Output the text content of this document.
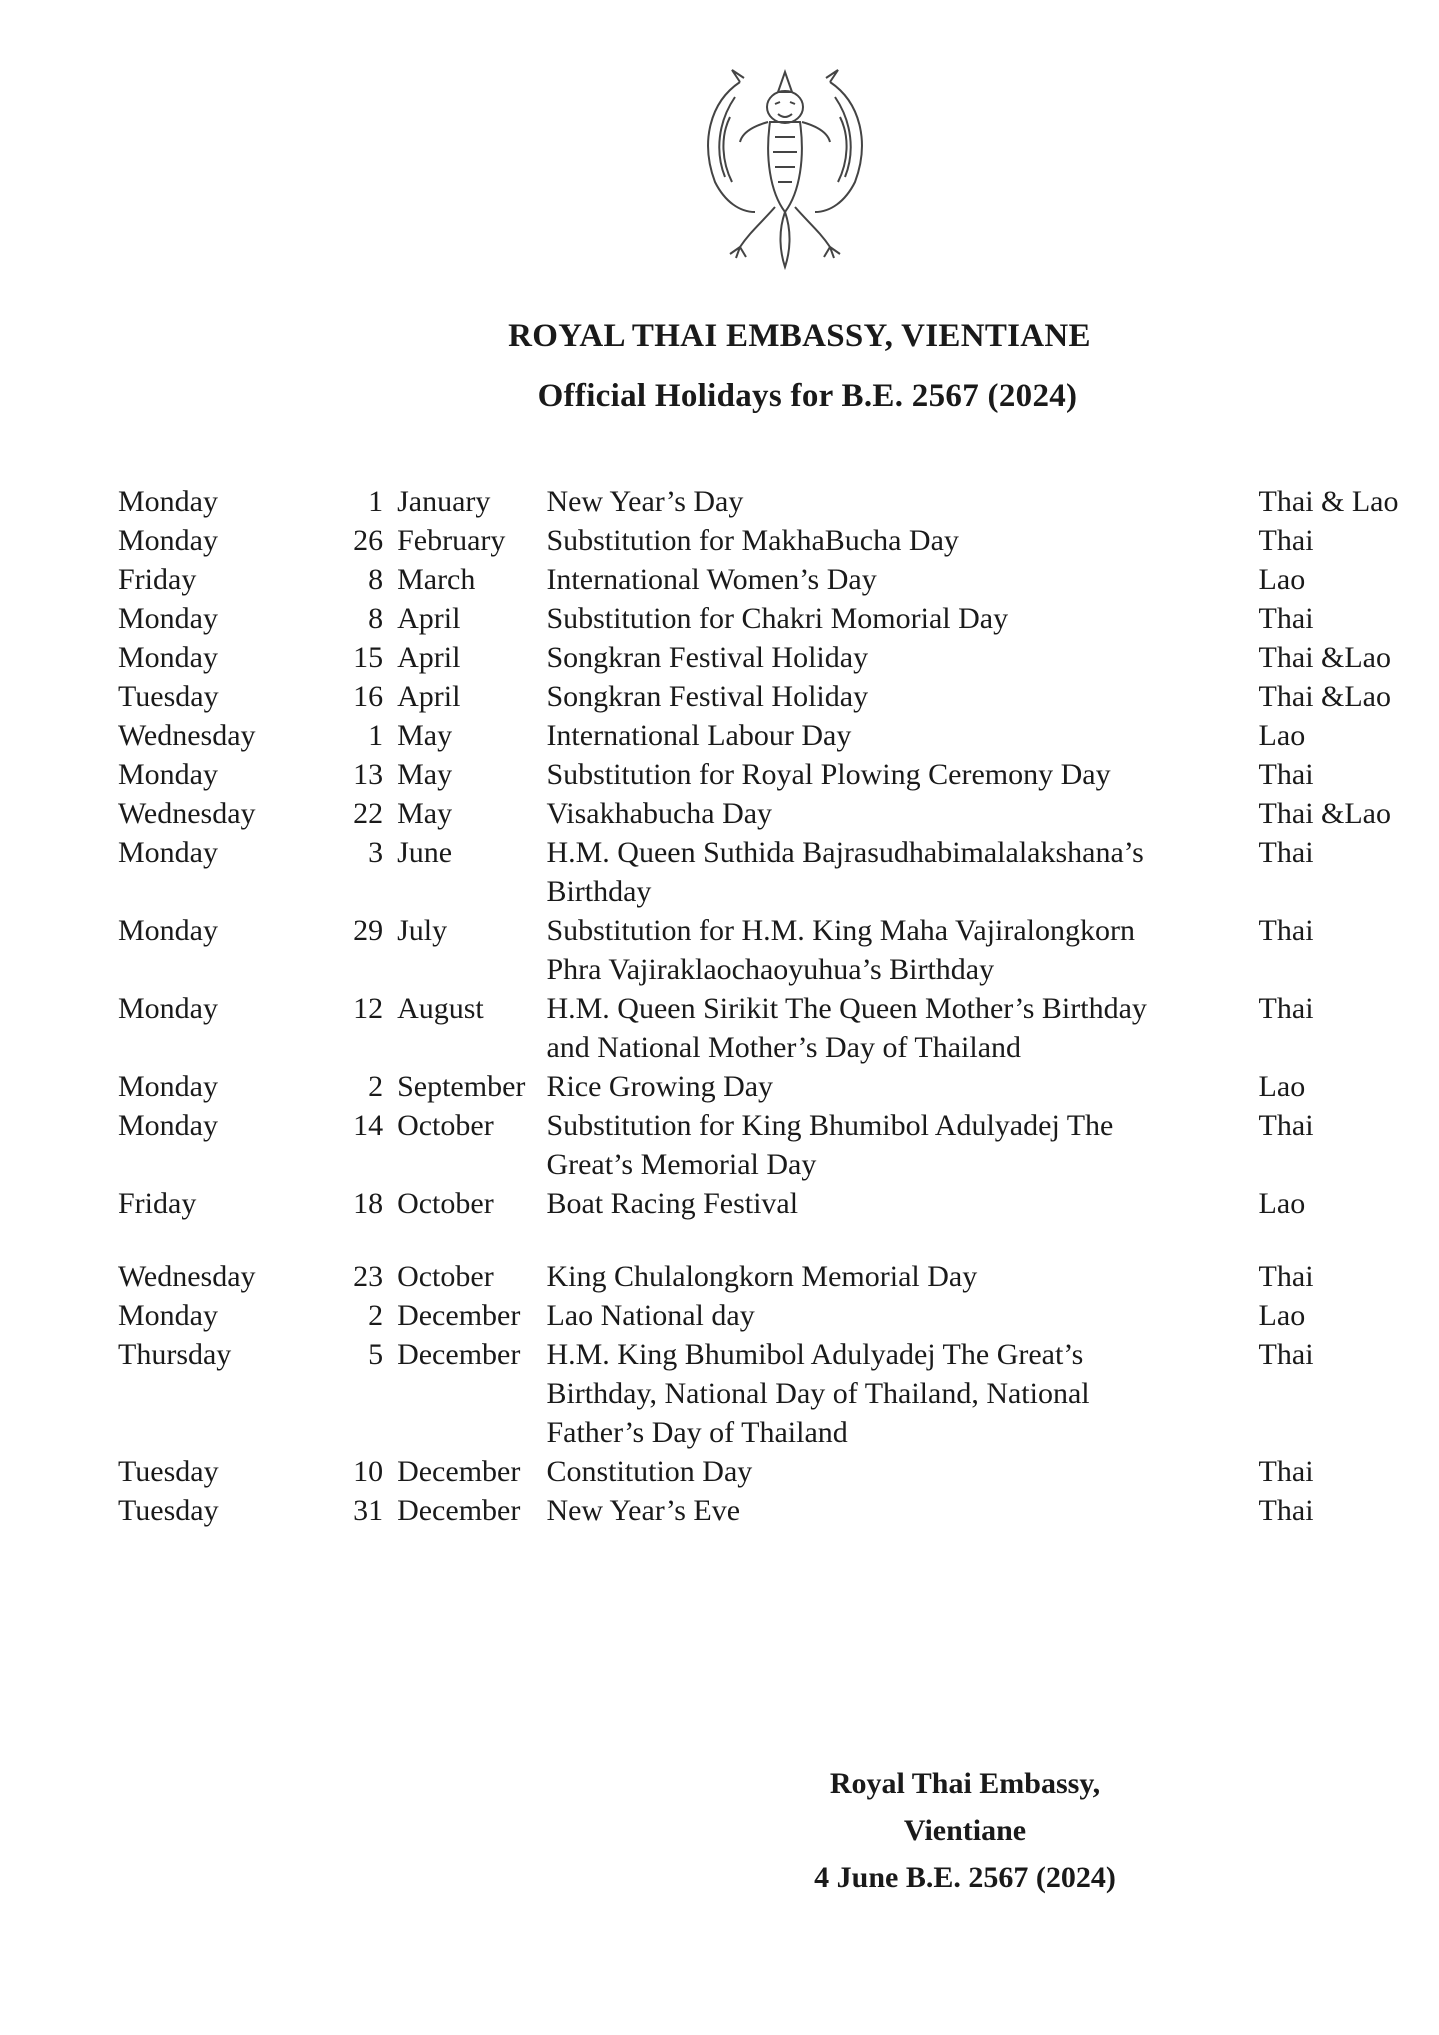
ROYAL THAI EMBASSY, VIENTIANE
Official Holidays for B.E. 2567 (2024)
Monday	1	January	New Year’s Day	Thai & Lao
Monday	26	February	Substitution for MakhaBucha Day	Thai
Friday	8	March	International Women’s Day	Lao
Monday	8	April	Substitution for Chakri Momorial Day	Thai
Monday	15	April	Songkran Festival Holiday	Thai &Lao
Tuesday	16	April	Songkran Festival Holiday	Thai &Lao
Wednesday	1	May	International Labour Day	Lao
Monday	13	May	Substitution for Royal Plowing Ceremony Day	Thai
Wednesday	22	May	Visakhabucha Day	Thai &Lao
Monday	3	June	H.M. Queen Suthida Bajrasudhabimalalakshana’s Birthday	Thai
Monday	29	July	Substitution for H.M. King Maha Vajiralongkorn Phra Vajiraklaochaoyuhua’s Birthday	Thai
Monday	12	August	H.M. Queen Sirikit The Queen Mother’s Birthday and National Mother’s Day of Thailand	Thai
Monday	2	September	Rice Growing Day	Lao
Monday	14	October	Substitution for King Bhumibol Adulyadej The Great’s Memorial Day	Thai
Friday	18	October	Boat Racing Festival	Lao

Wednesday	23	October	King Chulalongkorn Memorial Day	Thai
Monday	2	December	Lao National day	Lao
Thursday	5	December	H.M. King Bhumibol Adulyadej The Great’s Birthday, National Day of Thailand, National Father’s Day of Thailand	Thai
Tuesday	10	December	Constitution Day	Thai
Tuesday	31	December	New Year’s Eve	Thai
Royal Thai Embassy,
Vientiane
4 June B.E. 2567 (2024)
